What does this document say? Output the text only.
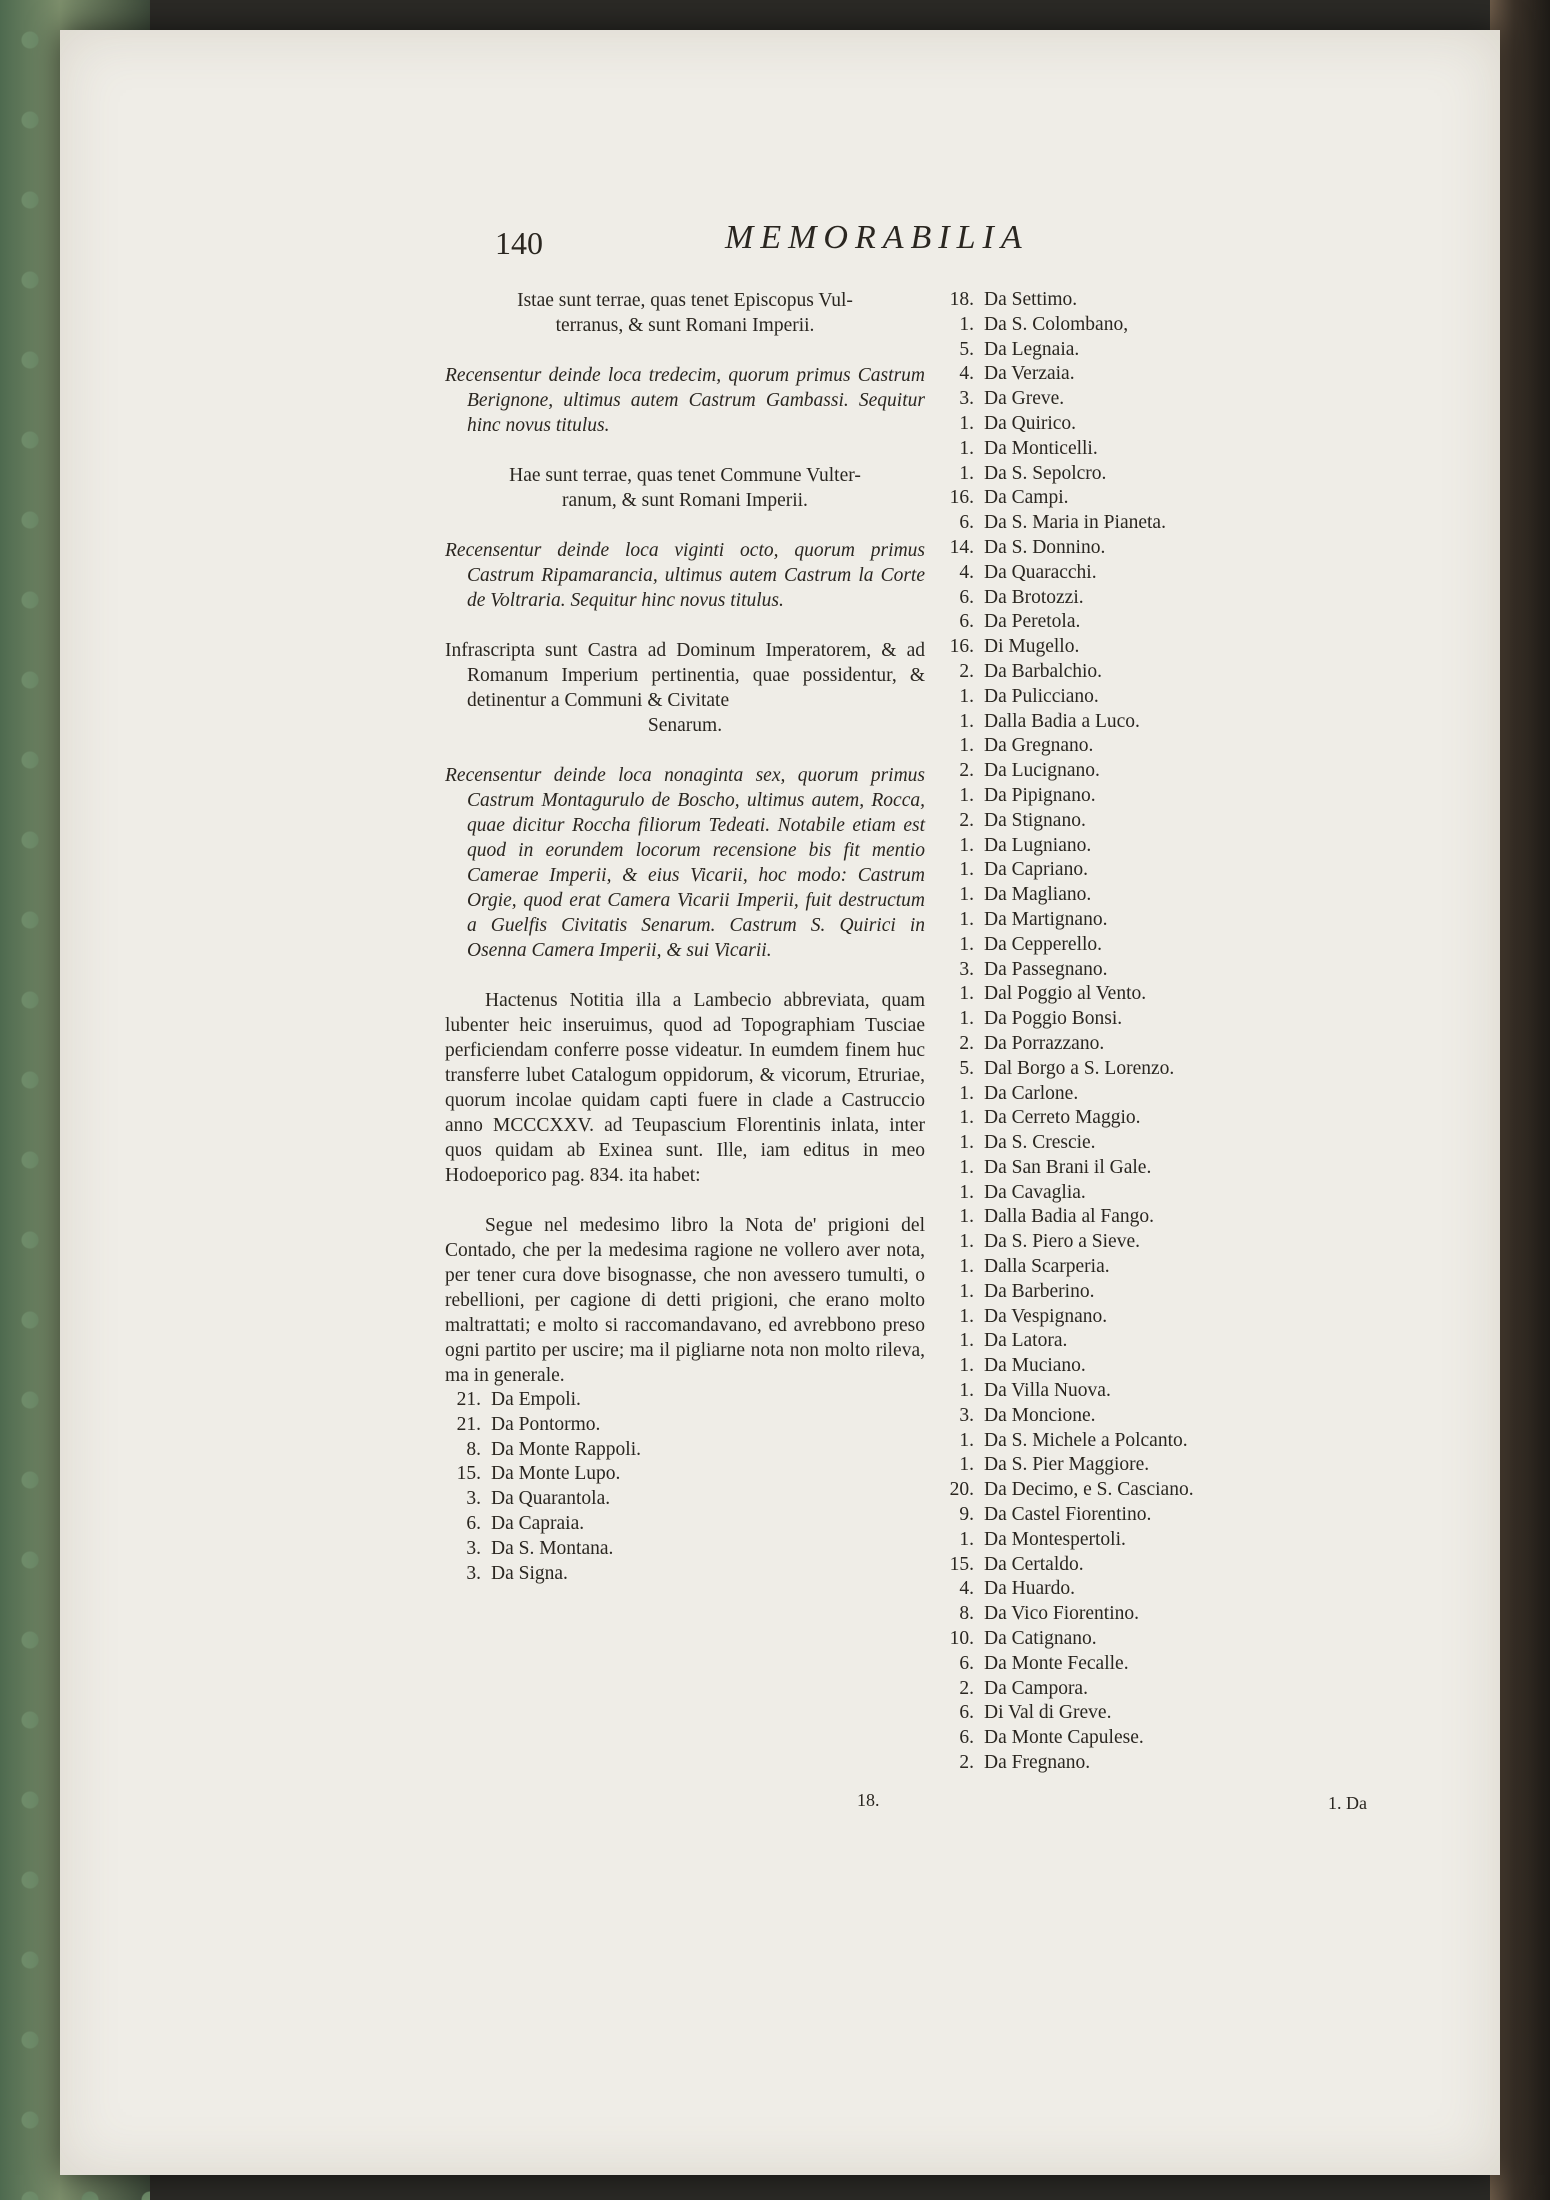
140	MEMORABILIA

Istae sunt terrae, quas tenet Episcopus Vul-
terranus, & sunt Romani Imperii.

Recensentur deinde loca tredecim, quorum primus Castrum Berignone, ultimus autem Castrum Gambassi. Sequitur hinc novus titulus.

Hae sunt terrae, quas tenet Commune Vulter-
ranum, & sunt Romani Imperii.

Recensentur deinde loca viginti octo, quorum primus Castrum Ripamarancia, ultimus autem Castrum la Corte de Voltraria. Sequitur hinc novus titulus.

Infrascripta sunt Castra ad Dominum Imperatorem, & ad Romanum Imperium pertinentia, quae possidentur, & detinentur a Communi & Civitate

Senarum.

Recensentur deinde loca nonaginta sex, quorum primus Castrum Montagurulo de Boscho, ultimus autem, Rocca, quae dicitur Roccha filiorum Tedeati. Notabile etiam est quod in eorundem locorum recensione bis fit mentio Camerae Imperii, & eius Vicarii, hoc modo: Castrum Orgie, quod erat Camera Vicarii Imperii, fuit destructum a Guelfis Civitatis Senarum. Castrum S. Quirici in Osenna Camera Imperii, & sui Vicarii.

Hactenus Notitia illa a Lambecio abbreviata, quam lubenter heic inseruimus, quod ad Topographiam Tusciae perficiendam conferre posse videatur. In eumdem finem huc transferre lubet Catalogum oppidorum, & vicorum, Etruriae, quorum incolae quidam capti fuere in clade a Castruccio anno MCCCXXV. ad Teupascium Florentinis inlata, inter quos quidam ab Exinea sunt. Ille, iam editus in meo Hodoeporico pag. 834. ita habet:

Segue nel medesimo libro la Nota de' prigioni del Contado, che per la medesima ragione ne vollero aver nota, per tener cura dove bisognasse, che non avessero tumulti, o rebellioni, per cagione di detti prigioni, che erano molto maltrattati; e molto si raccomandavano, ed avrebbono preso ogni partito per uscire; ma il pigliarne nota non molto rileva, ma in generale.

21. Da Empoli.
21. Da Pontormo.
8. Da Monte Rappoli.
15. Da Monte Lupo.
3. Da Quarantola.
6. Da Capraia.
3. Da S. Montana.
3. Da Signa.
18. Da Settimo.
1. Da S. Colombano,
5. Da Legnaia.
4. Da Verzaia.
3. Da Greve.
1. Da Quirico.
1. Da Monticelli.
1. Da S. Sepolcro.
16. Da Campi.
6. Da S. Maria in Pianeta.
14. Da S. Donnino.
4. Da Quaracchi.
6. Da Brotozzi.
6. Da Peretola.
16. Di Mugello.
2. Da Barbalchio.
1. Da Pulicciano.
1. Dalla Badia a Luco.
1. Da Gregnano.
2. Da Lucignano.
1. Da Pipignano.
2. Da Stignano.
1. Da Lugniano.
1. Da Capriano.
1. Da Magliano.
1. Da Martignano.
1. Da Cepperello.
3. Da Passegnano.
1. Dal Poggio al Vento.
1. Da Poggio Bonsi.
2. Da Porrazzano.
5. Dal Borgo a S. Lorenzo.
1. Da Carlone.
1. Da Cerreto Maggio.
1. Da S. Crescie.
1. Da San Brani il Gale.
1. Da Cavaglia.
1. Dalla Badia al Fango.
1. Da S. Piero a Sieve.
1. Dalla Scarperia.
1. Da Barberino.
1. Da Vespignano.
1. Da Latora.
1. Da Muciano.
1. Da Villa Nuova.
3. Da Moncione.
1. Da S. Michele a Polcanto.
1. Da S. Pier Maggiore.
20. Da Decimo, e S. Casciano.
9. Da Castel Fiorentino.
1. Da Montespertoli.
15. Da Certaldo.
4. Da Huardo.
8. Da Vico Fiorentino.
10. Da Catignano.
6. Da Monte Fecalle.
2. Da Campora.
6. Di Val di Greve.
6. Da Monte Capulese.
2. Da Fregnano.
18.	1. Da
